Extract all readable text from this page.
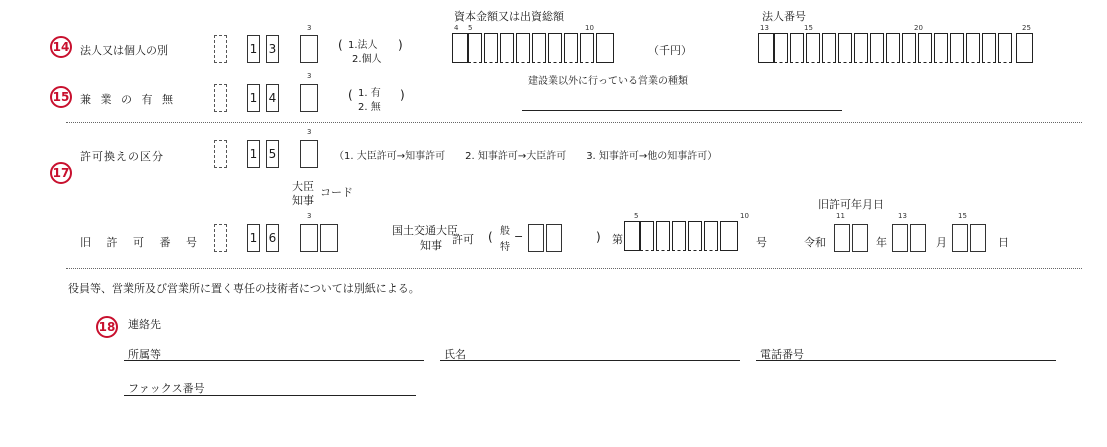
14 法人又は個人の別	1 3
3
( 1.法人
2.個人
)
資本金額又は出資総額
4 5	10
（千円）
法人番号
13	15	20	25
15 兼 業 の 有 無	1 4
3
( 1. 有
2. 無
)
建設業以外に行っている営業の種類
許可換えの区分
17
1 5
3
（1. 大臣許可→知事許可　　2. 知事許可→大臣許可　　3. 知事許可→他の知事許可）
大臣
知事
コード
旧 許 可 番 号	1 6
3
国土交通大臣
知事 許可 ( 般
特
−	) 第
5	10
号
旧許可年月日
11	13	15
令和	年	月	日
役員等、営業所及び営業所に置く専任の技術者については別紙による。
18 連絡先
所属等	氏名	電話番号
ファックス番号
